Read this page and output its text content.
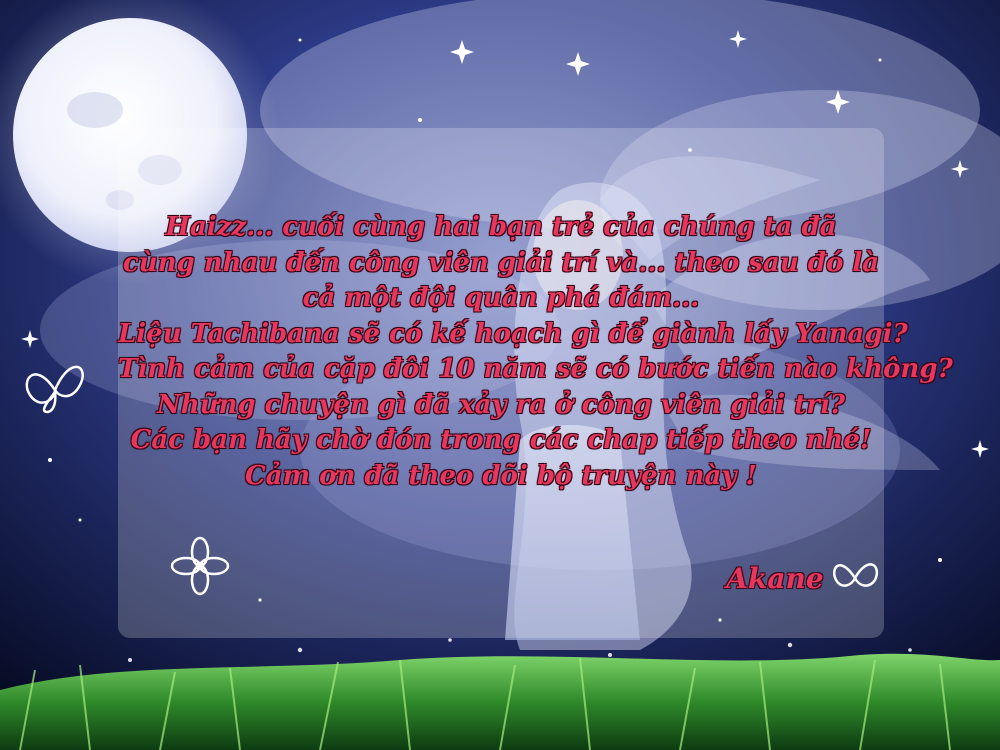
Haizz... cuối cùng hai bạn trẻ của chúng ta đã
cùng nhau đến công viên giải trí và... theo sau đó là
cả một đội quân phá đám...
Liệu Tachibana sẽ có kế hoạch gì để giành lấy Yanagi?
Tình cảm của cặp đôi 10 năm sẽ có bước tiến nào không?
Những chuyện gì đã xảy ra ở công viên giải trí?
Các bạn hãy chờ đón trong các chap tiếp theo nhé!
Cảm ơn đã theo dõi bộ truyện này !
Akane
